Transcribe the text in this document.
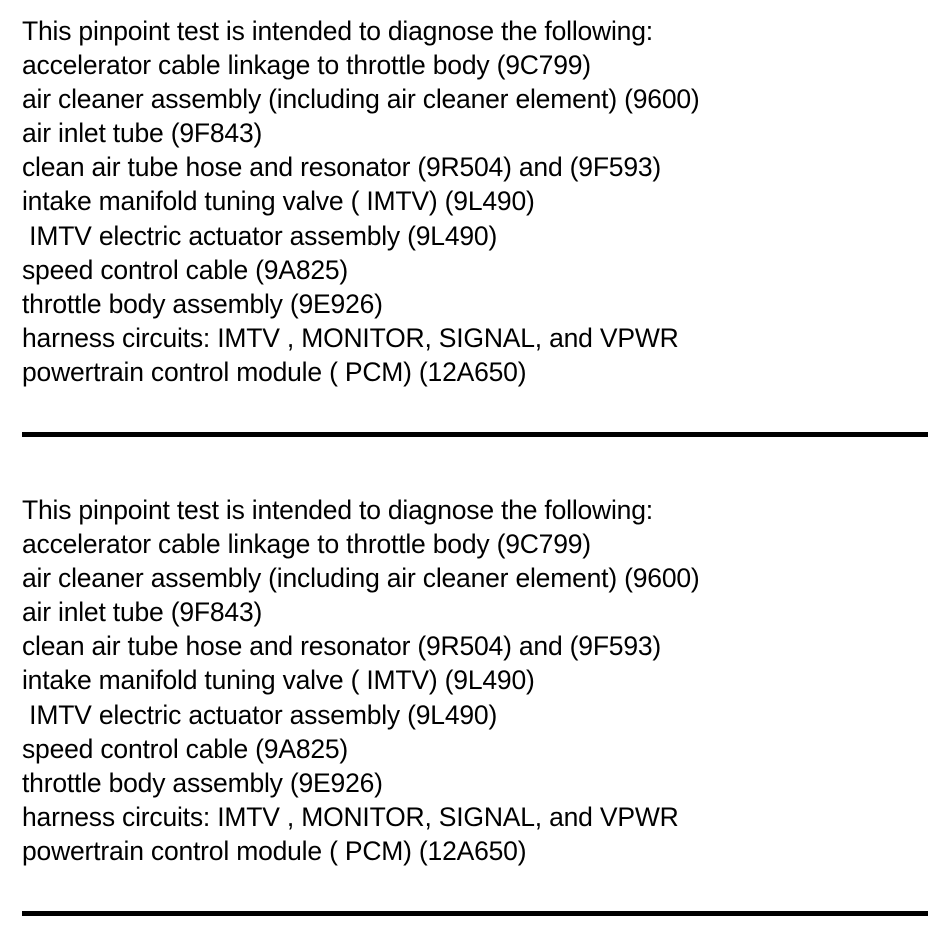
This pinpoint test is intended to diagnose the following:
accelerator cable linkage to throttle body (9C799)
air cleaner assembly (including air cleaner element) (9600)
air inlet tube (9F843)
clean air tube hose and resonator (9R504) and (9F593)
intake manifold tuning valve ( IMTV) (9L490)
IMTV electric actuator assembly (9L490)
speed control cable (9A825)
throttle body assembly (9E926)
harness circuits: IMTV , MONITOR, SIGNAL, and VPWR
powertrain control module ( PCM) (12A650)
This pinpoint test is intended to diagnose the following:
accelerator cable linkage to throttle body (9C799)
air cleaner assembly (including air cleaner element) (9600)
air inlet tube (9F843)
clean air tube hose and resonator (9R504) and (9F593)
intake manifold tuning valve ( IMTV) (9L490)
IMTV electric actuator assembly (9L490)
speed control cable (9A825)
throttle body assembly (9E926)
harness circuits: IMTV , MONITOR, SIGNAL, and VPWR
powertrain control module ( PCM) (12A650)
